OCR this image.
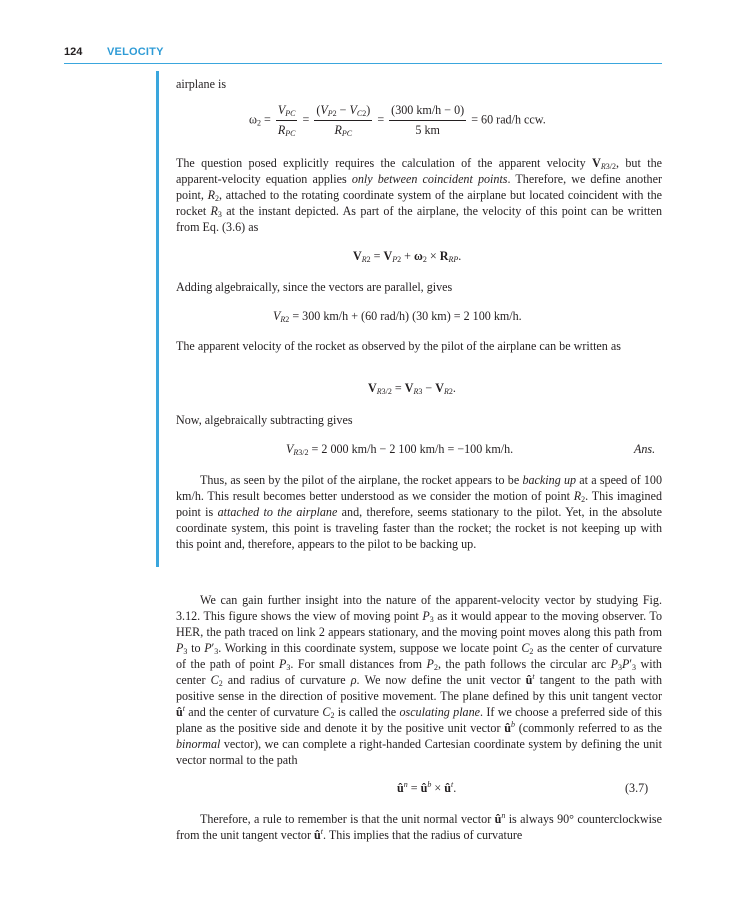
124 VELOCITY
airplane is
$\omega_2 = \frac{V_{PC}}{R_{PC}} = \frac{(V_{P2} - V_{C2})}{R_{PC}} = \frac{(300 km/h - 0)}{5 km} = 60$ rad/h ccw.
The question posed explicitly requires the calculation of the apparent velocity $V_{R3/2}$, but the apparent-velocity equation applies only between coincident points. Therefore, we define another point, $R_2$, attached to the rotating coordinate system of the airplane but located coincident with the rocket $R_3$ at the instant depicted. As part of the airplane, the velocity of this point can be written from Eq. (3.6) as
$V_{R2} = V_{P2} + \omega_2 \times R_{RP}$.
Adding algebraically, since the vectors are parallel, gives
$V_{R2} = 300$ km/h + (60 rad/h) (30 km) = 2 100 km/h.
The apparent velocity of the rocket as observed by the pilot of the airplane can be written as
$V_{R3/2} = V_{R3} - V_{R2}$.
Now, algebraically subtracting gives
$V_{R3/2} = 2$ 000 km/h − 2 100 km/h = −100 km/h.	Ans.
Thus, as seen by the pilot of the airplane, the rocket appears to be backing up at a speed of 100 km/h. This result becomes better understood as we consider the motion of point $R_2$. This imagined point is attached to the airplane and, therefore, seems stationary to the pilot. Yet, in the absolute coordinate system, this point is traveling faster than the rocket; the rocket is not keeping up with this point and, therefore, appears to the pilot to be backing up.
We can gain further insight into the nature of the apparent-velocity vector by studying Fig. 3.12. This figure shows the view of moving point $P_3$ as it would appear to the moving observer. To HER, the path traced on link 2 appears stationary, and the moving point moves along this path from $P_3$ to $P'_3$. Working in this coordinate system, suppose we locate point $C_2$ as the center of curvature of the path of point $P_3$. For small distances from $P_2$, the path follows the circular arc $P_3P'_3$ with center $C_2$ and radius of curvature ρ. We now define the unit vector $û^t$ tangent to the path with positive sense in the direction of positive movement. The plane defined by this unit tangent vector $û^t$ and the center of curvature $C_2$ is called the osculating plane. If we choose a preferred side of this plane as the positive side and denote it by the positive unit vector $û^b$ (commonly referred to as the binormal vector), we can complete a right-handed Cartesian coordinate system by defining the unit vector normal to the path
$û^n$ = $û^b$ × $û^t$.	(3.7)
Therefore, a rule to remember is that the unit normal vector $û^n$ is always 90° counterclockwise from the unit tangent vector $û^t$. This implies that the radius of curvature
